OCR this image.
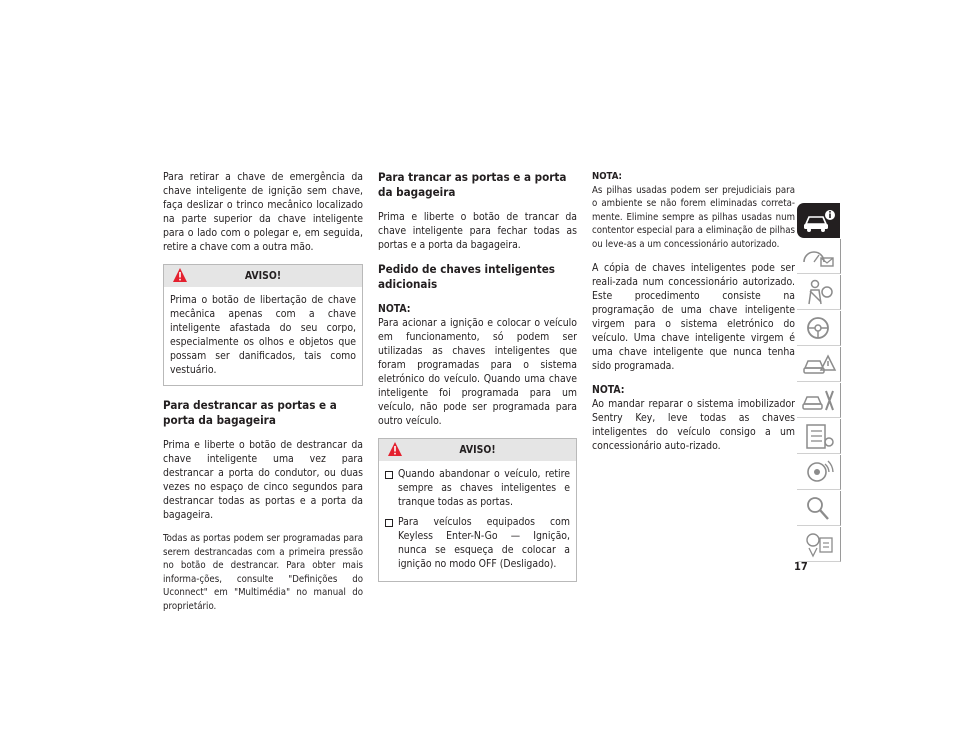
Para retirar a chave de emergência da chave inteligente de ignição sem chave, faça deslizar o trinco mecânico localizado na parte superior da chave inteligente para o lado com o polegar e, em seguida, retire a chave com a outra mão.

AVISO!

Prima o botão de libertação de chave mecânica apenas com a chave inteligente afastada do seu corpo, especialmente os olhos e objetos que possam ser danificados, tais como vestuário.

Para destrancar as portas e a porta da bagageira

Prima e liberte o botão de destrancar da chave inteligente uma vez para destrancar a porta do condutor, ou duas vezes no espaço de cinco segundos para destrancar todas as portas e a porta da bagageira.

Todas as portas podem ser programadas para serem destrancadas com a primeira pressão no botão de destrancar. Para obter mais informa-ções, consulte "Definições do Uconnect" em "Multimédia" no manual do proprietário.

Para trancar as portas e a porta da bagageira

Prima e liberte o botão de trancar da chave inteligente para fechar todas as portas e a porta da bagageira.

Pedido de chaves inteligentes adicionais

NOTA:
Para acionar a ignição e colocar o veículo em funcionamento, só podem ser utilizadas as chaves inteligentes que foram programadas para o sistema eletrónico do veículo. Quando uma chave inteligente foi programada para um veículo, não pode ser programada para outro veículo.

AVISO!
Quando abandonar o veículo, retire sempre as chaves inteligentes e tranque todas as portas.
Para veículos equipados com Keyless Enter-N-Go — Ignição, nunca se esqueça de colocar a ignição no modo OFF (Desligado).

NOTA:
As pilhas usadas podem ser prejudiciais para o ambiente se não forem eliminadas correta-mente. Elimine sempre as pilhas usadas num contentor especial para a eliminação de pilhas ou leve-as a um concessionário autorizado.

A cópia de chaves inteligentes pode ser reali-zada num concessionário autorizado. Este procedimento consiste na programação de uma chave inteligente virgem para o sistema eletrónico do veículo. Uma chave inteligente virgem é uma chave inteligente que nunca tenha sido programada.

NOTA:
Ao mandar reparar o sistema imobilizador Sentry Key, leve todas as chaves inteligentes do veículo consigo a um concessionário auto-rizado.

17
